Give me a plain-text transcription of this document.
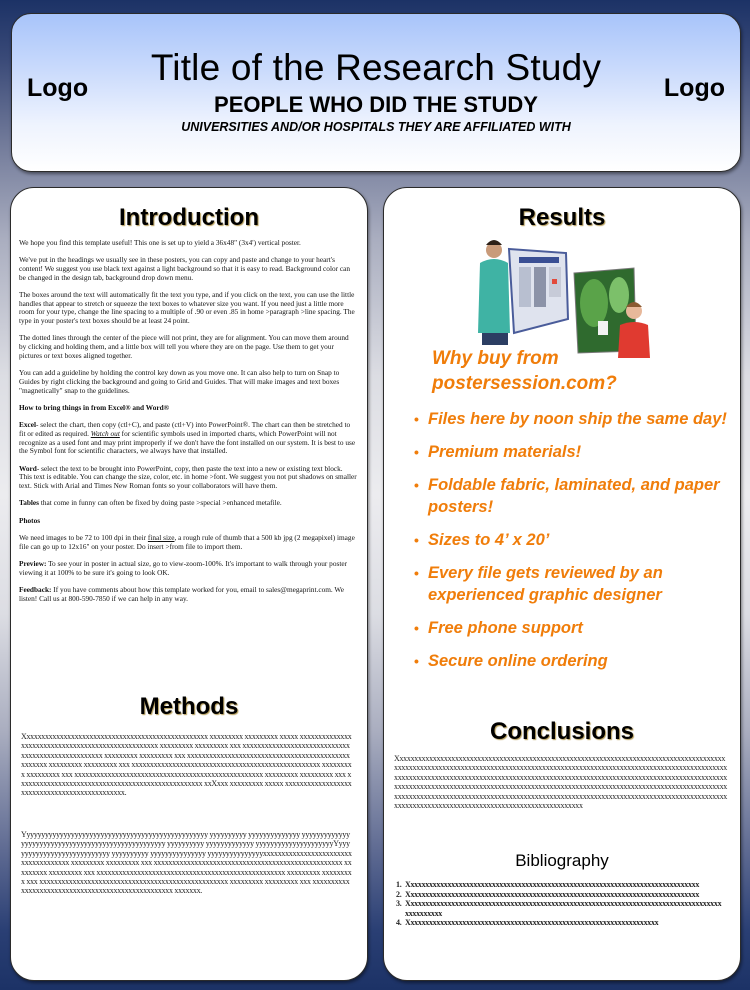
Logo	Title of the Research Study
PEOPLE WHO DID THE STUDY
UNIVERSITIES AND/OR HOSPITALS THEY ARE AFFILIATED WITH
Logo
Introduction

We hope you find this template useful! This one is set up to yield a 36x48" (3x4') vertical poster.

We've put in the headings we usually see in these posters, you can copy and paste and change to your heart's content! We suggest you use black text against a light background so that it is easy to read. Background color can be changed in the design tab, background drop down menu.

The boxes around the text will automatically fit the text you type, and if you click on the text, you can use the little handles that appear to stretch or squeeze the text boxes to whatever size you want. If you need just a little more room for your type, change the line spacing to a multiple of .90 or even .85 in home >paragraph >line spacing. The type in your poster's text boxes should be at least 24 point.

The dotted lines through the center of the piece will not print, they are for alignment. You can move them around by clicking and holding them, and a little box will tell you where they are on the page. Use them to get your pictures or text boxes aligned together.

You can add a guideline by holding the control key down as you move one. It can also help to turn on Snap to Guides by right clicking the background and going to Grid and Guides. That will make images and text boxes "magnetically" snap to the guidelines.

How to bring things in from Excel® and Word®

Excel- select the chart, then copy (ctl+C), and paste (ctl+V) into PowerPoint®. The chart can then be stretched to fit or edited as required. Watch out for scientific symbols used in imported charts, which PowerPoint will not recognize as a used font and may print improperly if we don't have the font installed on our system. It is best to use the Symbol font for scientific characters, we always have that installed.

Word- select the text to be brought into PowerPoint, copy, then paste the text into a new or existing text block. This text is editable. You can change the size, color, etc. in home >font. We suggest you not put shadows on smaller text. Stick with Arial and Times New Roman fonts so your collaborators will have them.

Tables that come in funny can often be fixed by doing paste >special >enhanced metafile.

Photos

We need images to be 72 to 100 dpi in their final size, a rough rule of thumb that a 500 kb jpg (2 megapixel) image file can go up to 12x16" on your poster. Do insert >from file to import them.

Preview: To see your in poster in actual size, go to view-zoom-100%. It's important to walk through your poster viewing it at 100% to be sure it's going to look OK.

Feedback: If you have comments about how this template worked for you, email to sales@megaprint.com. We listen! Call us at 800-590-7850 if we can help in any way.

Methods
Xxxxxxxxxxxxxxxxxxxxxxxxxxxxxxxxxxxxxxxxxxxxxxxxxx xxxxxxxxx xxxxxxxxx xxxxx xxxxxxxxxxxxxxxxxxxxxxxxxxxxxxxxxxxxxxxxxxxxxxxxxxx xxxxxxxxx xxxxxxxxx xxx xxxxxxxxxxxxxxxxxxxxxxxxxxxxxxxxxxxxxxxxxxxxxxxxxxx xxxxxxxxx xxxxxxxxx xxx xxxxxxxxxxxxxxxxxxxxxxxxxxxxxxxxxxxxxxxxxxxxxxxxxxx xxxxxxxxx xxxxxxxxx xxx xxxxxxxxxxxxxxxxxxxxxxxxxxxxxxxxxxxxxxxxxxxxxxxxxxx xxxxxxxxx xxxxxxxxx xxx xxxxxxxxxxxxxxxxxxxxxxxxxxxxxxxxxxxxxxxxxxxxxxxxxxx xxxxxxxxx xxxxxxxxx xxx xxxxxxxxxxxxxxxxxxxxxxxxxxxxxxxxxxxxxxxxxxxxxxxxxx xxXxxx xxxxxxxxx xxxxx xxxxxxxxxxxxxxxxxxxxxxxxxxxxxxxxxxxxxxxxxxxxxx.
Yyyyyyyyyyyyyyyyyyyyyyyyyyyyyyyyyyyyyyyyyyyyyyyyyy yyyyyyyyyy yyyyyyyyyyyyyy yyyyyyyyyyyyyyyyyyyyyyyyyyyyyyyyyyyyyyyyyyyyyyyyyyyy yyyyyyyyyy yyyyyyyyyyyyy yyyyyyyyyyyyyyyyyyyyyYyyyyyyyyyyyyyyyyyyyyyyyyyyy yyyyyyyyyy yyyyyyyyyyyyyyy yyyyyyyyyyyyyyyxxxxxxxxxxxxxxxxxxxxxxxxxxxxxxxxxxxxx xxxxxxxxx xxxxxxxxx xxx xxxxxxxxxxxxxxxxxxxxxxxxxxxxxxxxxxxxxxxxxxxxxxxxxxx xxxxxxxxx xxxxxxxxx xxx xxxxxxxxxxxxxxxxxxxxxxxxxxxxxxxxxxxxxxxxxxxxxxxxxxx xxxxxxxxx xxxxxxxxx xxx xxxxxxxxxxxxxxxxxxxxxxxxxxxxxxxxxxxxxxxxxxxxxxxxxxx xxxxxxxxx xxxxxxxxx xxx xxxxxxxxxxxxxxxxxxxxxxxxxxxxxxxxxxxxxxxxxxxxxxxxxxx xxxxxxx.
Results
Why buy from
postersession.com?
• Files here by noon ship the same day!
• Premium materials!
• Foldable fabric, laminated, and paper posters!
• Sizes to 4’ x 20’
• Every file gets reviewed by an experienced graphic designer
• Free phone support
• Secure online ordering
Conclusions
Xxxxxxxxxxxxxxxxxxxxxxxxxxxxxxxxxxxxxxxxxxxxxxxxxxxxxxxxxxxxxxxxxxxxxxxxxxxxxxxxxxxxxxxxxxxxxxxxxxxxxxxxxxxxxxxxxxxxxxxxxxxxxxxxxxxxxxxxxxxxxxxxxxxxxxxxxxxxxxxxxxxxxxxxxxxxxxxxxxxxxxxxxxxxxxxxxxxxxxxxxxxxxxxxxxxxxxxxxxxxxxxxxxxxxxxxxxxxxxxxxxxxxxxxxxxxxxxxxxxxxxxxxxxxxxxxxxxxxxxxxxxxxxxxxxxxxxxxxxxxxxxxxxxxxxxxxxxxxxxxxxxxxxxxxxxxxxxxxxxxxxxxxxxxxxxxxxxxxxxxxxxxxxxxxxxxxxxxxxxxxxxxxxxxxxxxxxxxxxxxxxxxxxxxxxxxxxxxxxxxxxxxxxxxxxxxxxxxxxxxxxxxxxxxxxxxxxxxxxxxxxxxxxxxxxxxxxxxxxxxxxxxxxxxxxxxxxxxxxxx
Bibliography
1. Xxxxxxxxxxxxxxxxxxxxxxxxxxxxxxxxxxxxxxxxxxxxxxxxxxxxxxxxxxxxxxxxxxxxxxxxxxxxxxx
2. Xxxxxxxxxxxxxxxxxxxxxxxxxxxxxxxxxxxxxxxxxxxxxxxxxxxxxxxxxxxxxxxxxxxxxxxxxxxxxxx
3. Xxxxxxxxxxxxxxxxxxxxxxxxxxxxxxxxxxxxxxxxxxxxxxxxxxxxxxxxxxxxxxxxxxxxxxxxxxxxxxxxxxxxxxxxxxxxxxx
4. Xxxxxxxxxxxxxxxxxxxxxxxxxxxxxxxxxxxxxxxxxxxxxxxxxxxxxxxxxxxxxxxxxxxx
